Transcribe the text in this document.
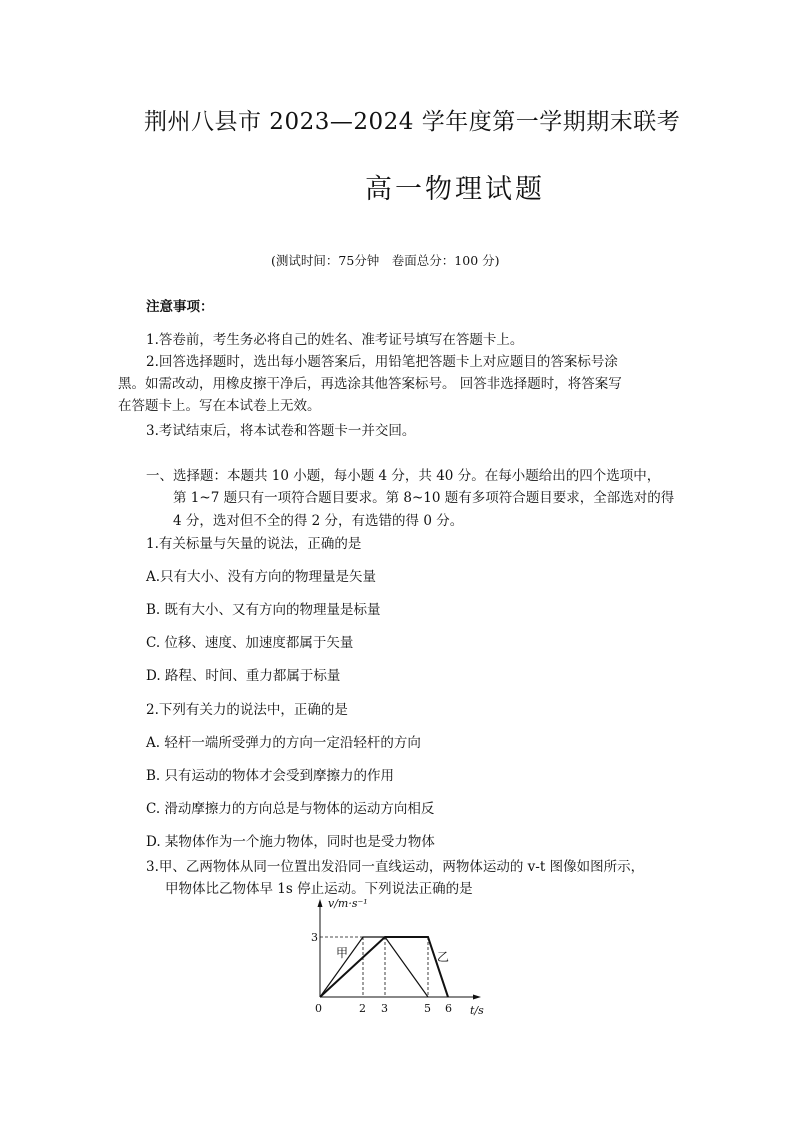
荆州八县市 2023—2024 学年度第一学期期末联考
高一物理试题
(测试时间：75分钟　卷面总分：100 分)
注意事项：
1.答卷前，考生务必将自己的姓名、准考证号填写在答题卡上。
2.回答选择题时，选出每小题答案后，用铅笔把答题卡上对应题目的答案标号涂
黑。如需改动，用橡皮擦干净后，再选涂其他答案标号。 回答非选择题时，将答案写
在答题卡上。写在本试卷上无效。
3.考试结束后，将本试卷和答题卡一并交回。
一、选择题：本题共 10 小题，每小题 4 分，共 40 分。在每小题给出的四个选项中，
第 1~7 题只有一项符合题目要求。第 8~10 题有多项符合题目要求，全部选对的得
4 分，选对但不全的得 2 分，有选错的得 0 分。
1.有关标量与矢量的说法，正确的是
A.只有大小、没有方向的物理量是矢量
B. 既有大小、又有方向的物理量是标量
C. 位移、速度、加速度都属于矢量
D. 路程、时间、重力都属于标量
2.下列有关力的说法中，正确的是
A. 轻杆一端所受弹力的方向一定沿轻杆的方向
B. 只有运动的物体才会受到摩擦力的作用
C. 滑动摩擦力的方向总是与物体的运动方向相反
D. 某物体作为一个施力物体，同时也是受力物体
3.甲、乙两物体从同一位置出发沿同一直线运动，两物体运动的 v-t 图像如图所示，
甲物体比乙物体早 1s 停止运动。下列说法正确的是
v/m·s⁻¹
t/s
0
3
2 3	5 6
甲	乙
